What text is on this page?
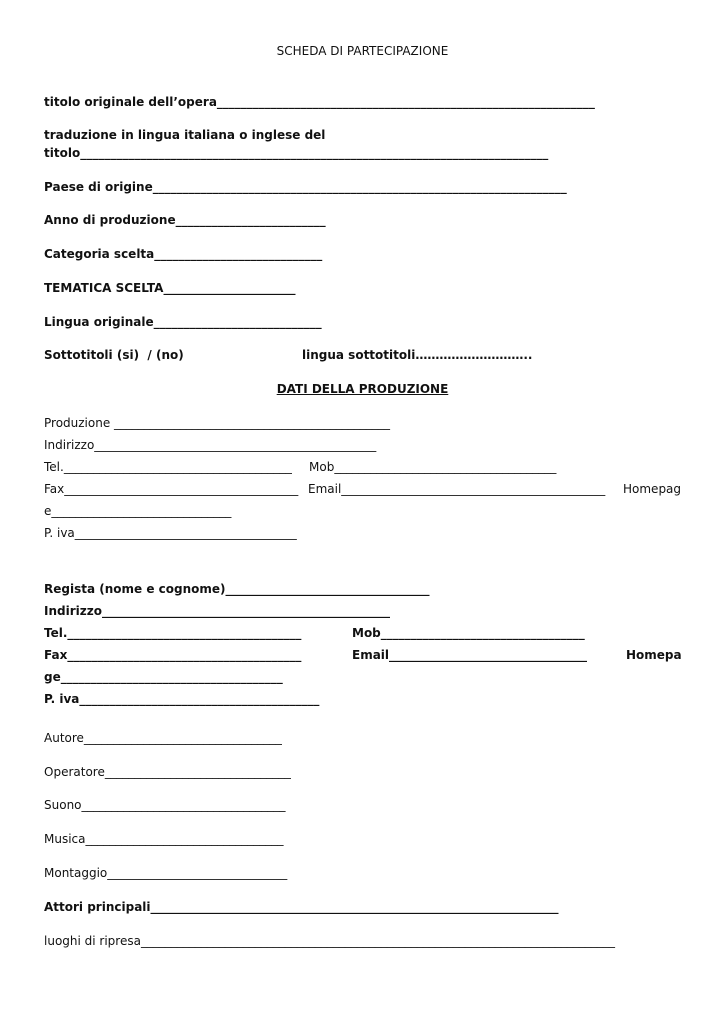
SCHEDA DI PARTECIPAZIONE
titolo originale dell’opera_______________________________________________________________
traduzione in lingua italiana o inglese del
titolo______________________________________________________________________________
Paese di origine_____________________________________________________________________
Anno di produzione_________________________
Categoria scelta____________________________
TEMATICA SCELTA______________________
Lingua originale____________________________
Sottotitoli (si)  / (no)	lingua sottotitoli………………………..
DATI DELLA PRODUZIONE
Produzione ______________________________________________
Indirizzo_______________________________________________
Tel.______________________________________ Mob_____________________________________
Fax_______________________________________ Email____________________________________________ Homepag
e______________________________
P. iva_____________________________________
Regista (nome e cognome)__________________________________
Indirizzo________________________________________________
Tel._______________________________________	Mob__________________________________
Fax_______________________________________	Email_________________________________	Homepa
ge_____________________________________
P. iva________________________________________
Autore_________________________________
Operatore_______________________________
Suono__________________________________
Musica_________________________________
Montaggio______________________________
Attori principali____________________________________________________________________
luoghi di ripresa_______________________________________________________________________________
